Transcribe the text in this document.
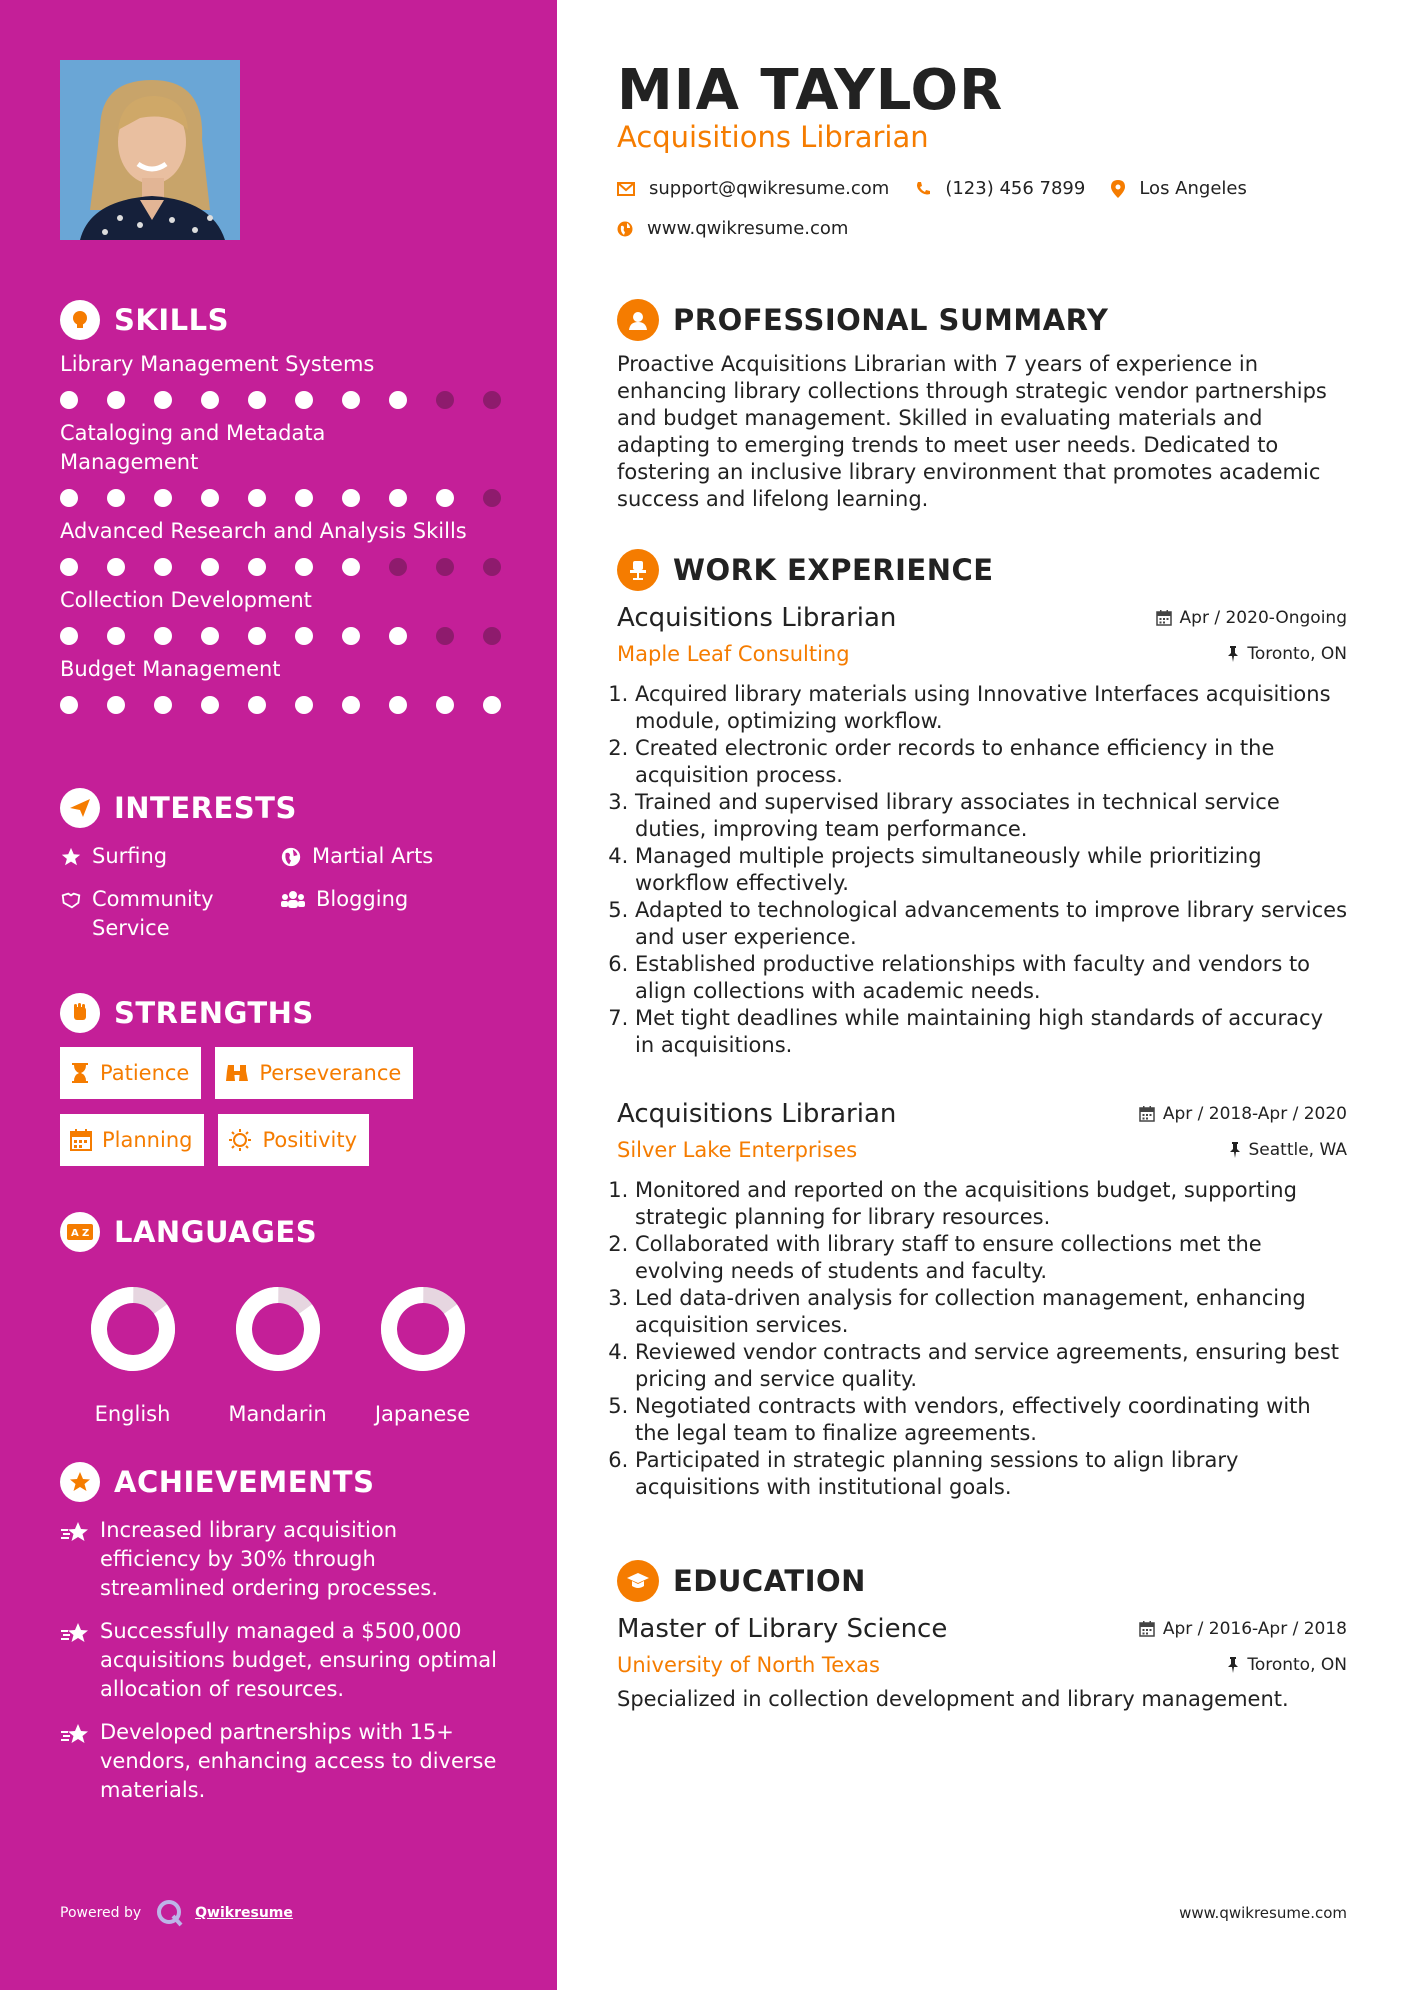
SKILLS
Library Management Systems
Cataloging and Metadata Management
Advanced Research and Analysis Skills
Collection Development
Budget Management
INTERESTS
Surfing	Martial Arts
Community Service
Blogging
STRENGTHS
Patience	Perseverance
Planning	Positivity
A Z LANGUAGES
English	Mandarin	Japanese
ACHIEVEMENTS
Increased library acquisition efficiency by 30% through streamlined ordering processes.
Successfully managed a $500,000 acquisitions budget, ensuring optimal allocation of resources.
Developed partnerships with 15+ vendors, enhancing access to diverse materials.
Powered by	Qwikresume
MIA TAYLOR
Acquisitions Librarian
support@qwikresume.com	(123) 456 7899	Los Angeles
www.qwikresume.com
PROFESSIONAL SUMMARY
Proactive Acquisitions Librarian with 7 years of experience in enhancing library collections through strategic vendor partnerships and budget management. Skilled in evaluating materials and adapting to emerging trends to meet user needs. Dedicated to fostering an inclusive library environment that promotes academic success and lifelong learning.
WORK EXPERIENCE
Acquisitions Librarian	Apr / 2020-Ongoing
Maple Leaf Consulting	Toronto, ON
1. Acquired library materials using Innovative Interfaces acquisitions module, optimizing workflow.
2. Created electronic order records to enhance efficiency in the acquisition process.
3. Trained and supervised library associates in technical service duties, improving team performance.
4. Managed multiple projects simultaneously while prioritizing workflow effectively.
5. Adapted to technological advancements to improve library services and user experience.
6. Established productive relationships with faculty and vendors to align collections with academic needs.
7. Met tight deadlines while maintaining high standards of accuracy in acquisitions.
Acquisitions Librarian	Apr / 2018-Apr / 2020
Silver Lake Enterprises	Seattle, WA
1. Monitored and reported on the acquisitions budget, supporting strategic planning for library resources.
2. Collaborated with library staff to ensure collections met the evolving needs of students and faculty.
3. Led data-driven analysis for collection management, enhancing acquisition services.
4. Reviewed vendor contracts and service agreements, ensuring best pricing and service quality.
5. Negotiated contracts with vendors, effectively coordinating with the legal team to finalize agreements.
6. Participated in strategic planning sessions to align library acquisitions with institutional goals.
EDUCATION
Master of Library Science	Apr / 2016-Apr / 2018
University of North Texas	Toronto, ON
Specialized in collection development and library management.
www.qwikresume.com
